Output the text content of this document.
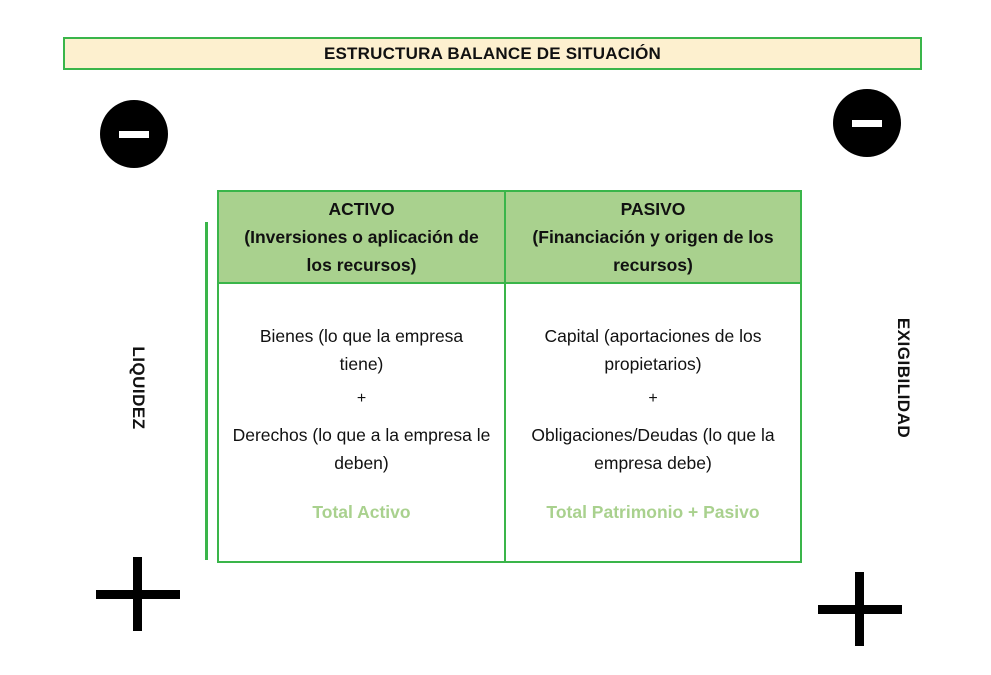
ESTRUCTURA BALANCE DE SITUACIÓN
LIQUIDEZ	EXIGIBILIDAD
ACTIVO
(Inversiones o aplicación de
los recursos)
Bienes (lo que la empresa tiene)
+
Derechos (lo que a la empresa le deben)
Total Activo
PASIVO
(Financiación y origen de los
recursos)
Capital (aportaciones de los propietarios)
+
Obligaciones/Deudas (lo que la empresa debe)
Total Patrimonio + Pasivo
